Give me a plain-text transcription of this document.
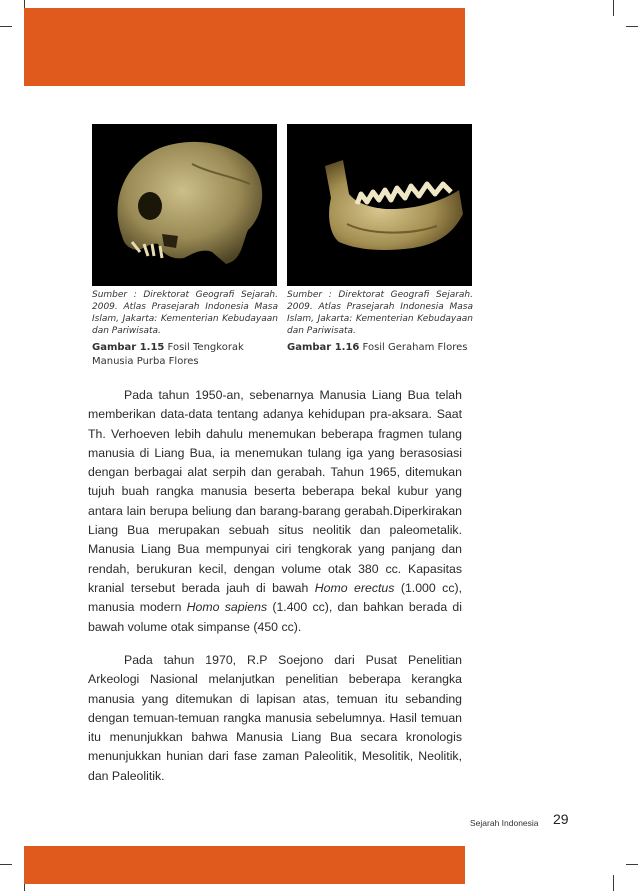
Sumber : Direktorat Geografi Sejarah. 2009. Atlas Prasejarah Indonesia Masa Islam, Jakarta: Kementerian Kebudayaan dan Pariwisata.
Sumber : Direktorat Geografi Sejarah. 2009. Atlas Prasejarah Indonesia Masa Islam, Jakarta: Kementerian Kebudayaan dan Pariwisata.
Gambar 1.15 Fosil Tengkorak Manusia Purba Flores
Gambar 1.16 Fosil Geraham Flores

Pada tahun 1950-an, sebenarnya Manusia Liang Bua telah memberikan data-data tentang adanya kehidupan pra-aksara. Saat Th. Verhoeven lebih dahulu menemukan beberapa fragmen tulang manusia di Liang Bua, ia menemukan tulang iga yang berasosiasi dengan berbagai alat serpih dan gerabah. Tahun 1965, ditemukan tujuh buah rangka manusia beserta beberapa bekal kubur yang antara lain berupa beliung dan barang-barang gerabah.Diperkirakan Liang Bua merupakan sebuah situs neolitik dan paleometalik. Manusia Liang Bua mempunyai ciri tengkorak yang panjang dan rendah, berukuran kecil, dengan volume otak 380 cc. Kapasitas kranial tersebut berada jauh di bawah Homo erectus (1.000 cc), manusia modern Homo sapiens (1.400 cc), dan bahkan berada di bawah volume otak simpanse (450 cc).

Pada tahun 1970, R.P Soejono dari Pusat Penelitian Arkeologi Nasional melanjutkan penelitian beberapa kerangka manusia yang ditemukan di lapisan atas, temuan itu sebanding dengan temuan-temuan rangka manusia sebelumnya. Hasil temuan itu menunjukkan bahwa Manusia Liang Bua secara kronologis menunjukkan hunian dari fase zaman Paleolitik, Mesolitik, Neolitik, dan Paleolitik.

Sejarah Indonesia 29
